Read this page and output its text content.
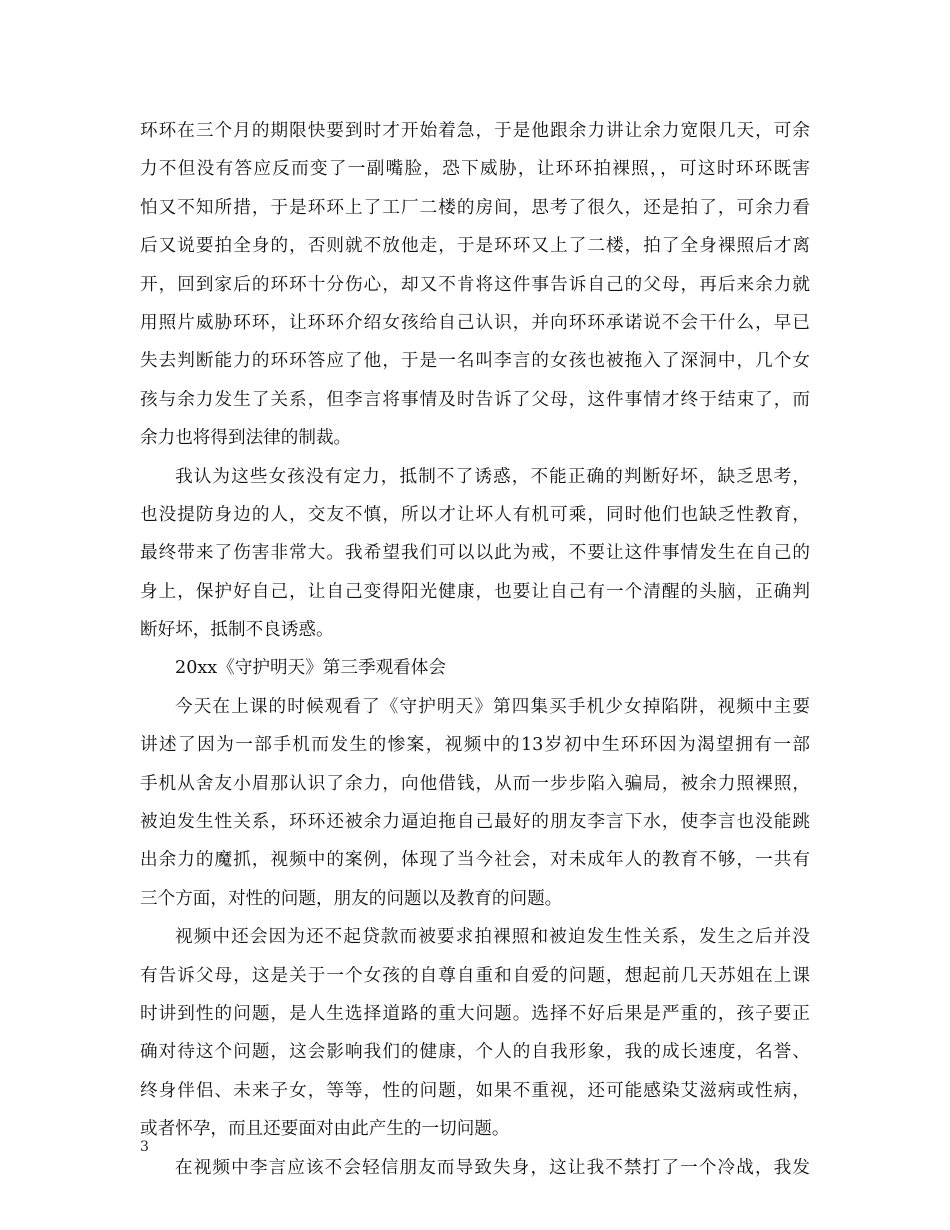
环环在三个月的期限快要到时才开始着急，于是他跟余力讲让余力宽限几天，可余
力不但没有答应反而变了一副嘴脸，恐下威胁，让环环拍裸照，，可这时环环既害
怕又不知所措，于是环环上了工厂二楼的房间，思考了很久，还是拍了，可余力看
后又说要拍全身的，否则就不放他走，于是环环又上了二楼，拍了全身裸照后才离
开，回到家后的环环十分伤心，却又不肯将这件事告诉自己的父母，再后来余力就
用照片威胁环环，让环环介绍女孩给自己认识，并向环环承诺说不会干什么，早已
失去判断能力的环环答应了他，于是一名叫李言的女孩也被拖入了深洞中，几个女
孩与余力发生了关系，但李言将事情及时告诉了父母，这件事情才终于结束了，而
余力也将得到法律的制裁。
我认为这些女孩没有定力，抵制不了诱惑，不能正确的判断好坏，缺乏思考，
也没提防身边的人，交友不慎，所以才让坏人有机可乘，同时他们也缺乏性教育，
最终带来了伤害非常大。我希望我们可以以此为戒，不要让这件事情发生在自己的
身上，保护好自己，让自己变得阳光健康，也要让自己有一个清醒的头脑，正确判
断好坏，抵制不良诱惑。
20xx《守护明天》第三季观看体会
今天在上课的时候观看了《守护明天》第四集买手机少女掉陷阱，视频中主要
讲述了因为一部手机而发生的惨案，视频中的13岁初中生环环因为渴望拥有一部
手机从舍友小眉那认识了余力，向他借钱，从而一步步陷入骗局，被余力照裸照，
被迫发生性关系，环环还被余力逼迫拖自己最好的朋友李言下水，使李言也没能跳
出余力的魔抓，视频中的案例，体现了当今社会，对未成年人的教育不够，一共有
三个方面，对性的问题，朋友的问题以及教育的问题。
视频中还会因为还不起贷款而被要求拍裸照和被迫发生性关系，发生之后并没
有告诉父母，这是关于一个女孩的自尊自重和自爱的问题，想起前几天苏姐在上课
时讲到性的问题，是人生选择道路的重大问题。选择不好后果是严重的，孩子要正
确对待这个问题，这会影响我们的健康，个人的自我形象，我的成长速度，名誉、
终身伴侣、未来子女，等等，性的问题，如果不重视，还可能感染艾滋病或性病，
或者怀孕，而且还要面对由此产生的一切问题。
在视频中李言应该不会轻信朋友而导致失身，这让我不禁打了一个冷战，我发
3
